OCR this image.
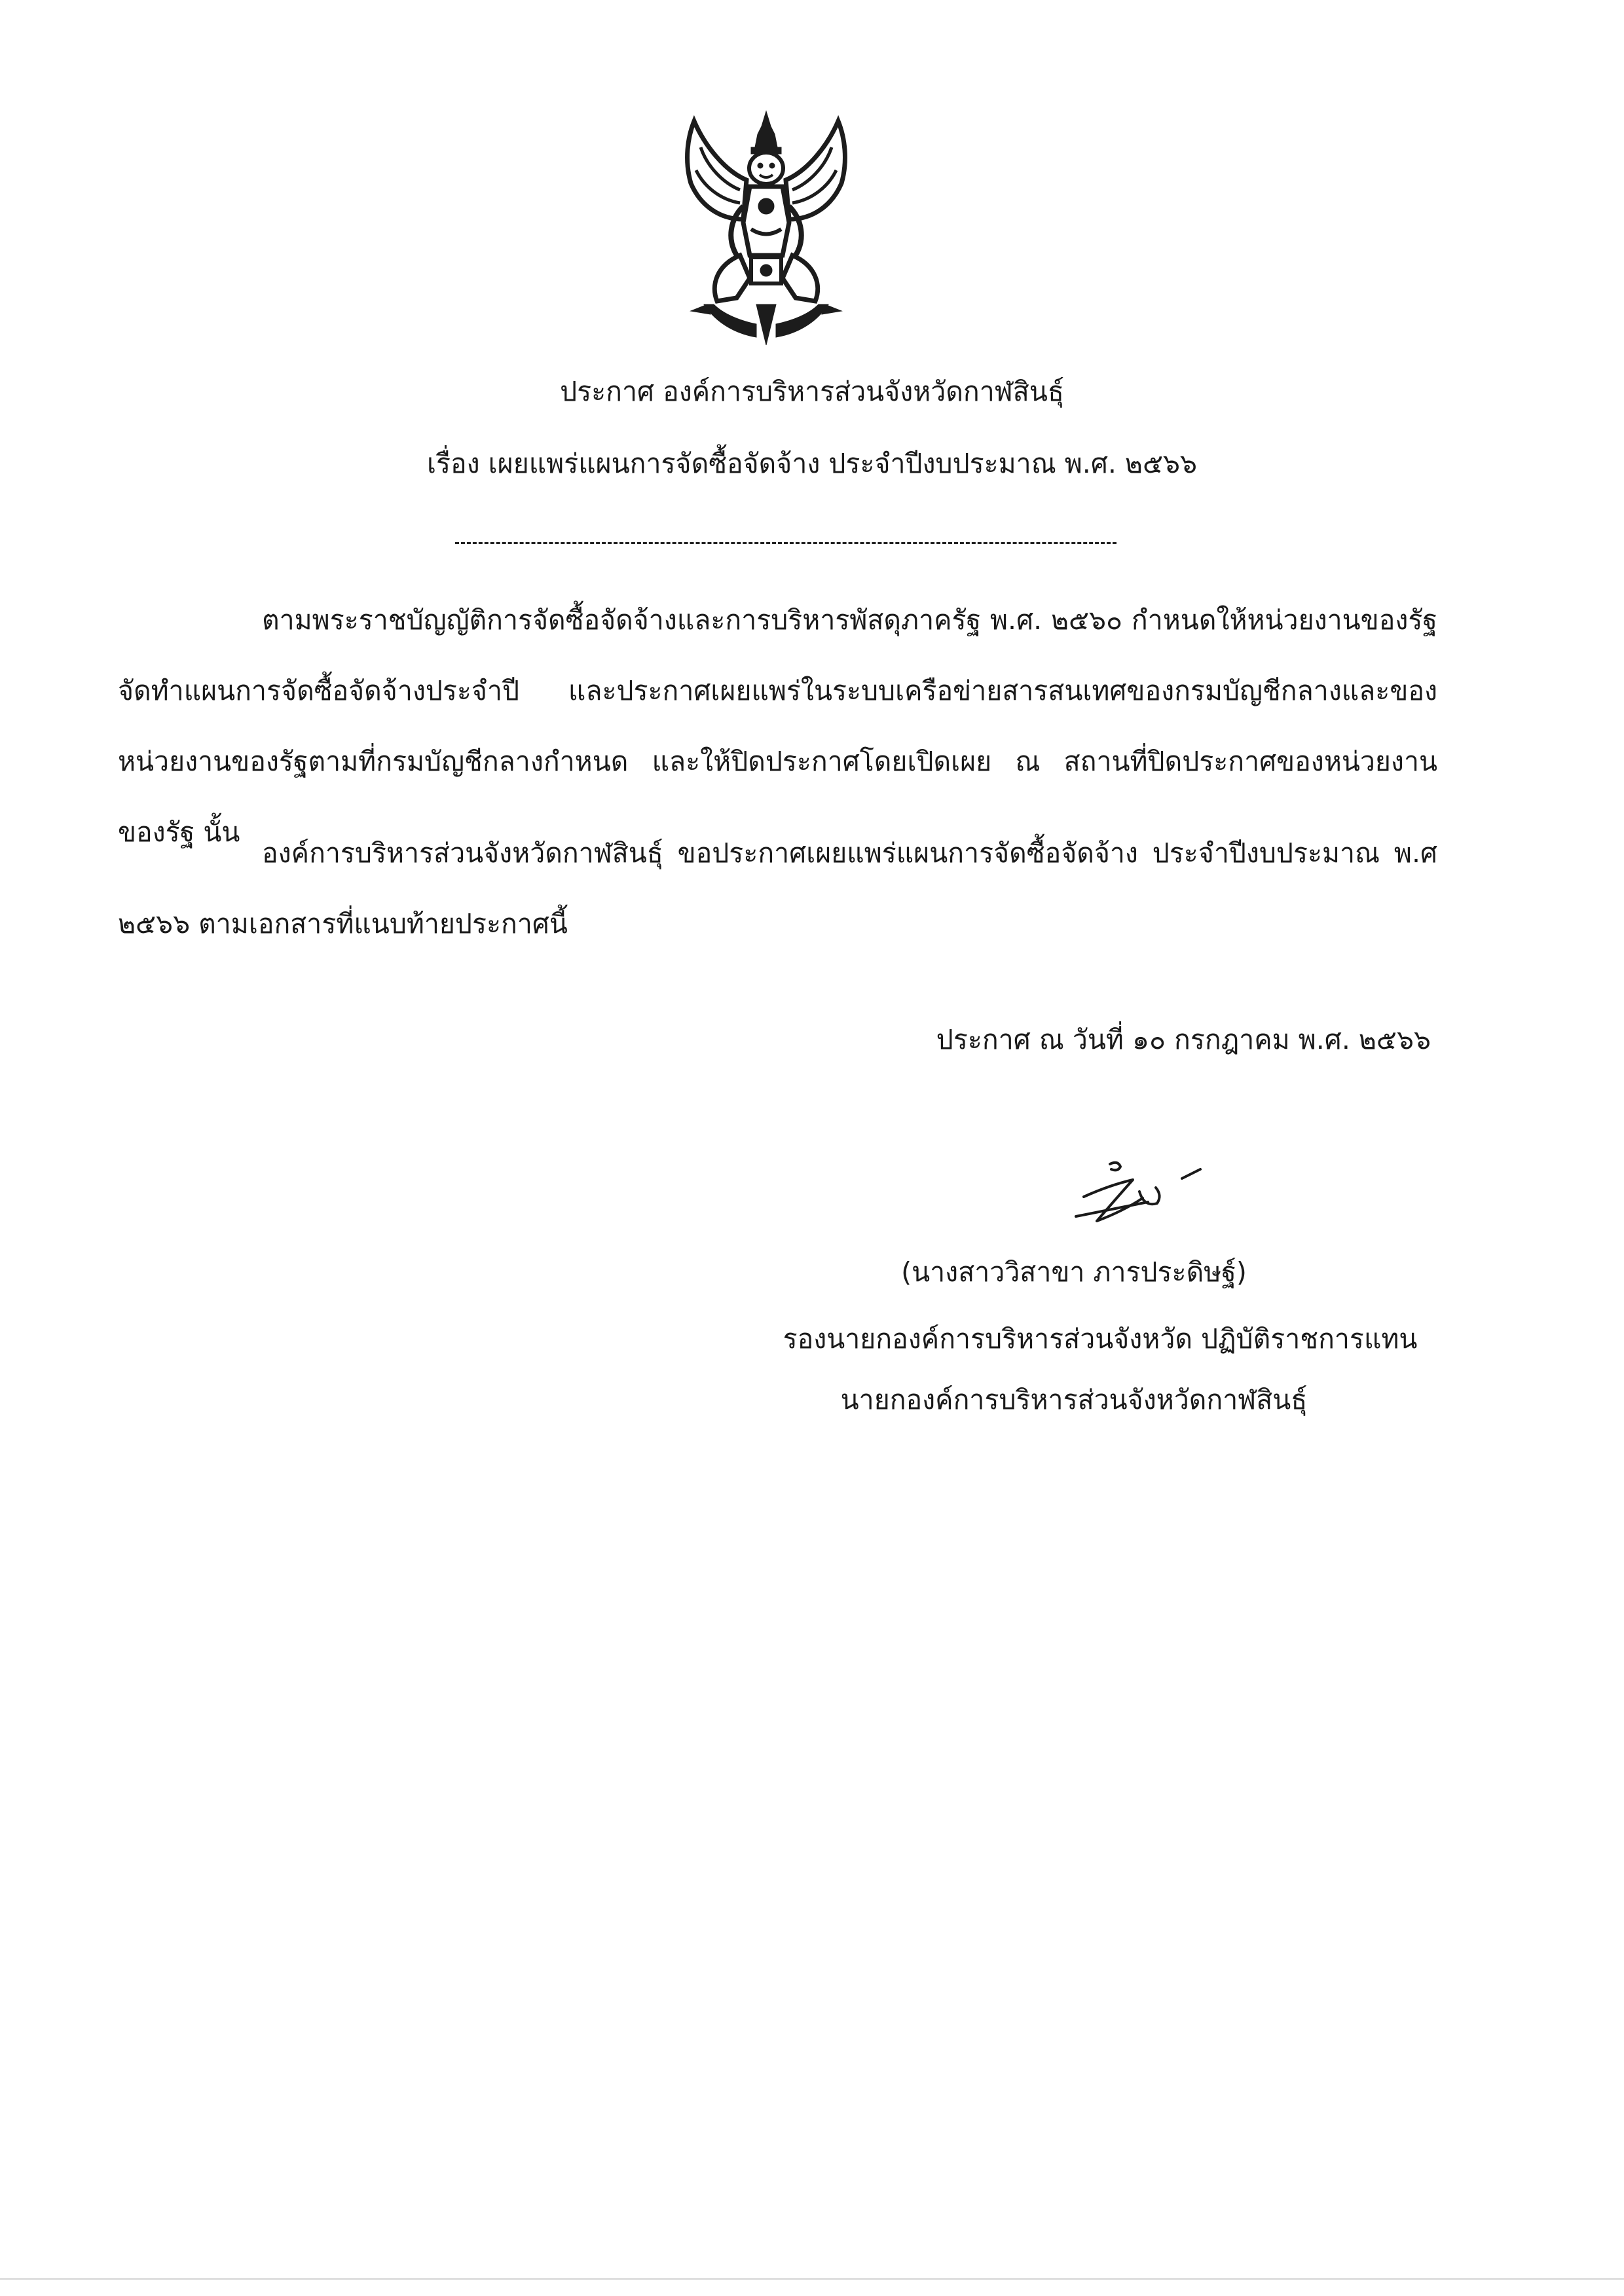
ประกาศ องค์การบริหารส่วนจังหวัดกาฬสินธุ์
เรื่อง เผยแพร่แผนการจัดซื้อจัดจ้าง ประจำปีงบประมาณ พ.ศ. ๒๕๖๖
ตามพระราชบัญญัติการจัดซื้อจัดจ้างและการบริหารพัสดุภาครัฐ พ.ศ. ๒๕๖๐ กำหนดให้หน่วยงานของรัฐจัดทำแผนการจัดซื้อจัดจ้างประจำปี และประกาศเผยแพร่ในระบบเครือข่ายสารสนเทศของกรมบัญชีกลางและของหน่วยงานของรัฐตามที่กรมบัญชีกลางกำหนด และให้ปิดประกาศโดยเปิดเผย ณ สถานที่ปิดประกาศของหน่วยงานของรัฐ นั้น
องค์การบริหารส่วนจังหวัดกาฬสินธุ์ ขอประกาศเผยแพร่แผนการจัดซื้อจัดจ้าง ประจำปีงบประมาณ พ.ศ ๒๕๖๖ ตามเอกสารที่แนบท้ายประกาศนี้
ประกาศ ณ วันที่ ๑๐ กรกฎาคม พ.ศ. ๒๕๖๖
(นางสาววิสาขา ภารประดิษฐ์)
รองนายกองค์การบริหารส่วนจังหวัด ปฏิบัติราชการแทน
นายกองค์การบริหารส่วนจังหวัดกาฬสินธุ์
